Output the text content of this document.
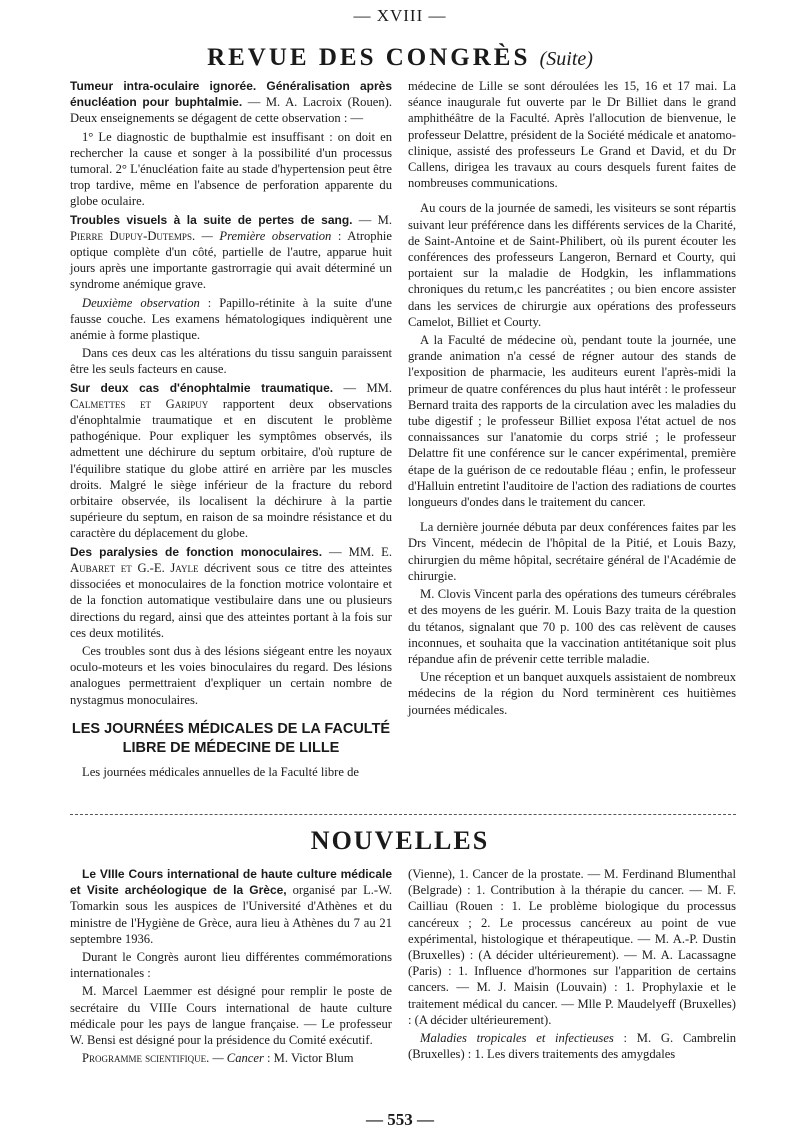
— XVIII —
REVUE DES CONGRÈS (Suite)

Tumeur intra-oculaire ignorée. Généralisation après énucléation pour buphtalmie. — M. A. Lacroix (Rouen). Deux enseignements se dégagent de cette observation : —

1° Le diagnostic de bupthalmie est insuffisant : on doit en rechercher la cause et songer à la possibilité d'un processus tumoral. 2° L'énucléation faite au stade d'hypertension peut être trop tardive, même en l'absence de perforation apparente du globe oculaire.

Troubles visuels à la suite de pertes de sang. — M. Pierre Dupuy-Dutemps. — Première observation : Atrophie optique complète d'un côté, partielle de l'autre, apparue huit jours après une importante gastrorragie qui avait déterminé un syndrome anémique grave.

Deuxième observation : Papillo-rétinite à la suite d'une fausse couche. Les examens hématologiques indiquèrent une anémie à forme plastique.

Dans ces deux cas les altérations du tissu sanguin paraissent être les seuls facteurs en cause.

Sur deux cas d'énophtalmie traumatique. — MM. Calmettes et Garipuy rapportent deux observations d'énophtalmie traumatique et en discutent le problème pathogénique. Pour expliquer les symptômes observés, ils admettent une déchirure du septum orbitaire, d'où rupture de l'équilibre statique du globe attiré en arrière par les muscles droits. Malgré le siège inférieur de la fracture du rebord orbitaire observée, ils localisent la déchirure à la partie supérieure du septum, en raison de sa moindre résistance et du caractère du déplacement du globe.

Des paralysies de fonction monoculaires. — MM. E. Aubaret et G.-E. Jayle décrivent sous ce titre des atteintes dissociées et monoculaires de la fonction motrice volontaire et de la fonction automatique vestibulaire dans une ou plusieurs directions du regard, ainsi que des atteintes portant à la fois sur ces deux motilités.

Ces troubles sont dus à des lésions siégeant entre les noyaux oculo-moteurs et les voies binoculaires du regard. Des lésions analogues permettraient d'expliquer un certain nombre de nystagmus monoculaires.

LES JOURNÉES MÉDICALES DE LA FACULTÉ
LIBRE DE MÉDECINE DE LILLE

Les journées médicales annuelles de la Faculté libre de

médecine de Lille se sont déroulées les 15, 16 et 17 mai. La séance inaugurale fut ouverte par le Dr Billiet dans le grand amphithéâtre de la Faculté. Après l'allocution de bienvenue, le professeur Delattre, président de la Société médicale et anatomo-clinique, assisté des professeurs Le Grand et David, et du Dr Callens, dirigea les travaux au cours desquels furent faites de nombreuses communications.

Au cours de la journée de samedi, les visiteurs se sont répartis suivant leur préférence dans les différents services de la Charité, de Saint-Antoine et de Saint-Philibert, où ils purent écouter les conférences des professeurs Langeron, Bernard et Courty, qui portaient sur la maladie de Hodgkin, les inflammations chroniques du retum,c les pancréatites ; ou bien encore assister dans les services de chirurgie aux opérations des professeurs Camelot, Billiet et Courty.

A la Faculté de médecine où, pendant toute la journée, une grande animation n'a cessé de régner autour des stands de l'exposition de pharmacie, les auditeurs eurent l'après-midi la primeur de quatre conférences du plus haut intérêt : le professeur Bernard traita des rapports de la circulation avec les maladies du tube digestif ; le professeur Billiet exposa l'état actuel de nos connaissances sur l'anatomie du corps strié ; le professeur Delattre fit une conférence sur le cancer expérimental, première étape de la guérison de ce redoutable fléau ; enfin, le professeur d'Halluin entretint l'auditoire de l'action des radiations de courtes longueurs d'ondes dans le traitement du cancer.

La dernière journée débuta par deux conférences faites par les Drs Vincent, médecin de l'hôpital de la Pitié, et Louis Bazy, chirurgien du même hôpital, secrétaire général de l'Académie de chirurgie.

M. Clovis Vincent parla des opérations des tumeurs cérébrales et des moyens de les guérir. M. Louis Bazy traita de la question du tétanos, signalant que 70 p. 100 des cas relèvent de causes inconnues, et souhaita que la vaccination antitétanique soit plus répandue afin de prévenir cette terrible maladie.

Une réception et un banquet auxquels assistaient de nombreux médecins de la région du Nord terminèrent ces huitièmes journées médicales.

NOUVELLES

Le VIIIe Cours international de haute culture médicale et Visite archéologique de la Grèce, organisé par L.-W. Tomarkin sous les auspices de l'Université d'Athènes et du ministre de l'Hygiène de Grèce, aura lieu à Athènes du 7 au 21 septembre 1936.

Durant le Congrès auront lieu différentes commémorations internationales :

M. Marcel Laemmer est désigné pour remplir le poste de secrétaire du VIIIe Cours international de haute culture médicale pour les pays de langue française. — Le professeur W. Bensi est désigné pour la présidence du Comité exécutif.

Programme scientifique. — Cancer : M. Victor Blum

(Vienne), 1. Cancer de la prostate. — M. Ferdinand Blumenthal (Belgrade) : 1. Contribution à la thérapie du cancer. — M. F. Cailliau (Rouen : 1. Le problème biologique du processus cancéreux ; 2. Le processus cancéreux au point de vue expérimental, histologique et thérapeutique. — M. A.-P. Dustin (Bruxelles) : (A décider ultérieurement). — M. A. Lacassagne (Paris) : 1. Influence d'hormones sur l'apparition de certains cancers. — M. J. Maisin (Louvain) : 1. Prophylaxie et le traitement médical du cancer. — Mlle P. Maudelyeff (Bruxelles) : (A décider ultérieurement).

Maladies tropicales et infectieuses : M. G. Cambrelin (Bruxelles) : 1. Les divers traitements des amygdales

— 553 —
